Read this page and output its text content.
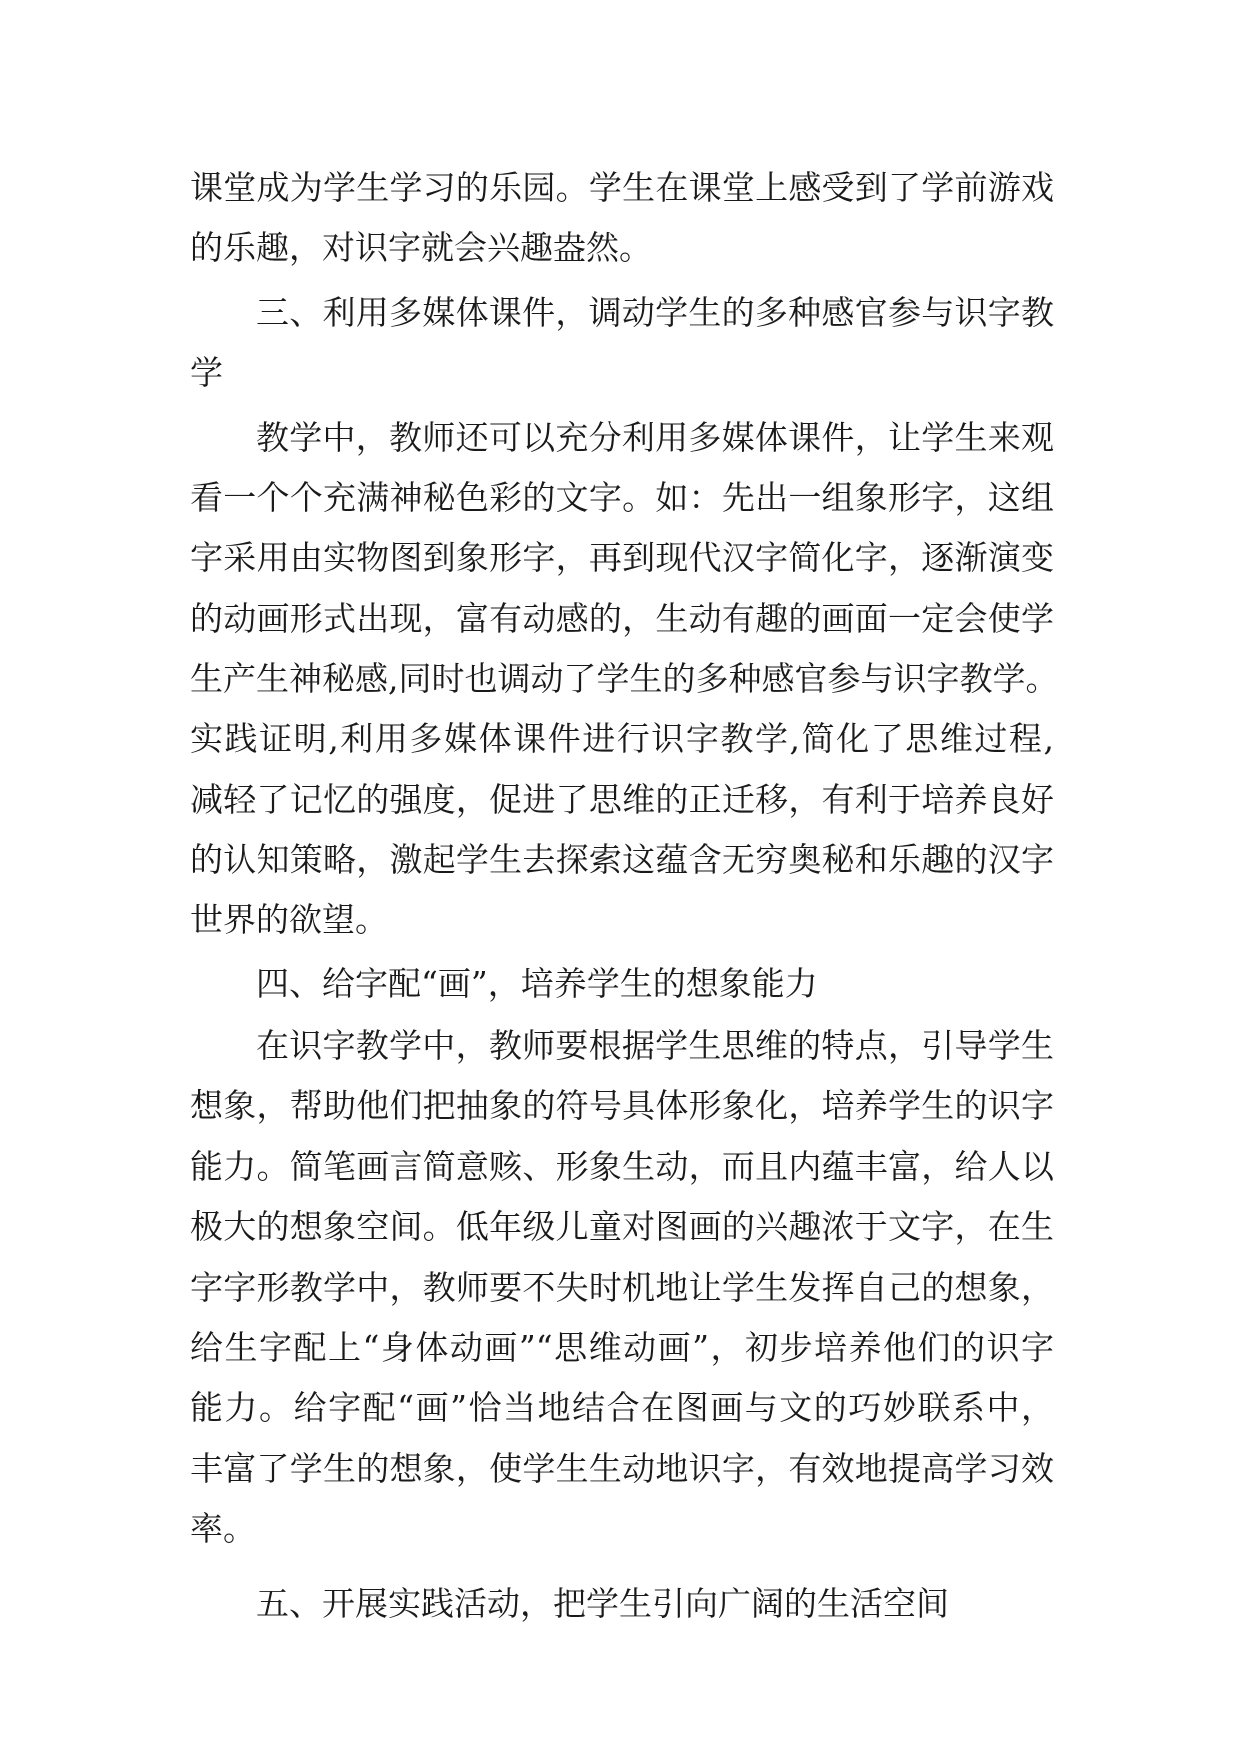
课堂成为学生学习的乐园。学生在课堂上感受到了学前游戏
的乐趣，对识字就会兴趣盎然。
三、利用多媒体课件，调动学生的多种感官参与识字教
学
教学中，教师还可以充分利用多媒体课件，让学生来观
看一个个充满神秘色彩的文字。如：先出一组象形字，这组
字采用由实物图到象形字，再到现代汉字简化字，逐渐演变
的动画形式出现，富有动感的，生动有趣的画面一定会使学
生产生神秘感,同时也调动了学生的多种感官参与识字教学。
实践证明,利用多媒体课件进行识字教学,简化了思维过程,
减轻了记忆的强度，促进了思维的正迁移，有利于培养良好
的认知策略，激起学生去探索这蕴含无穷奥秘和乐趣的汉字
世界的欲望。
四、给字配“画”，培养学生的想象能力
在识字教学中，教师要根据学生思维的特点，引导学生
想象，帮助他们把抽象的符号具体形象化，培养学生的识字
能力。简笔画言简意赅、形象生动，而且内蕴丰富，给人以
极大的想象空间。低年级儿童对图画的兴趣浓于文字，在生
字字形教学中，教师要不失时机地让学生发挥自己的想象，
给生字配上“身体动画”“思维动画”，初步培养他们的识字
能力。给字配“画”恰当地结合在图画与文的巧妙联系中，
丰富了学生的想象，使学生生动地识字，有效地提高学习效
率。
五、开展实践活动，把学生引向广阔的生活空间
